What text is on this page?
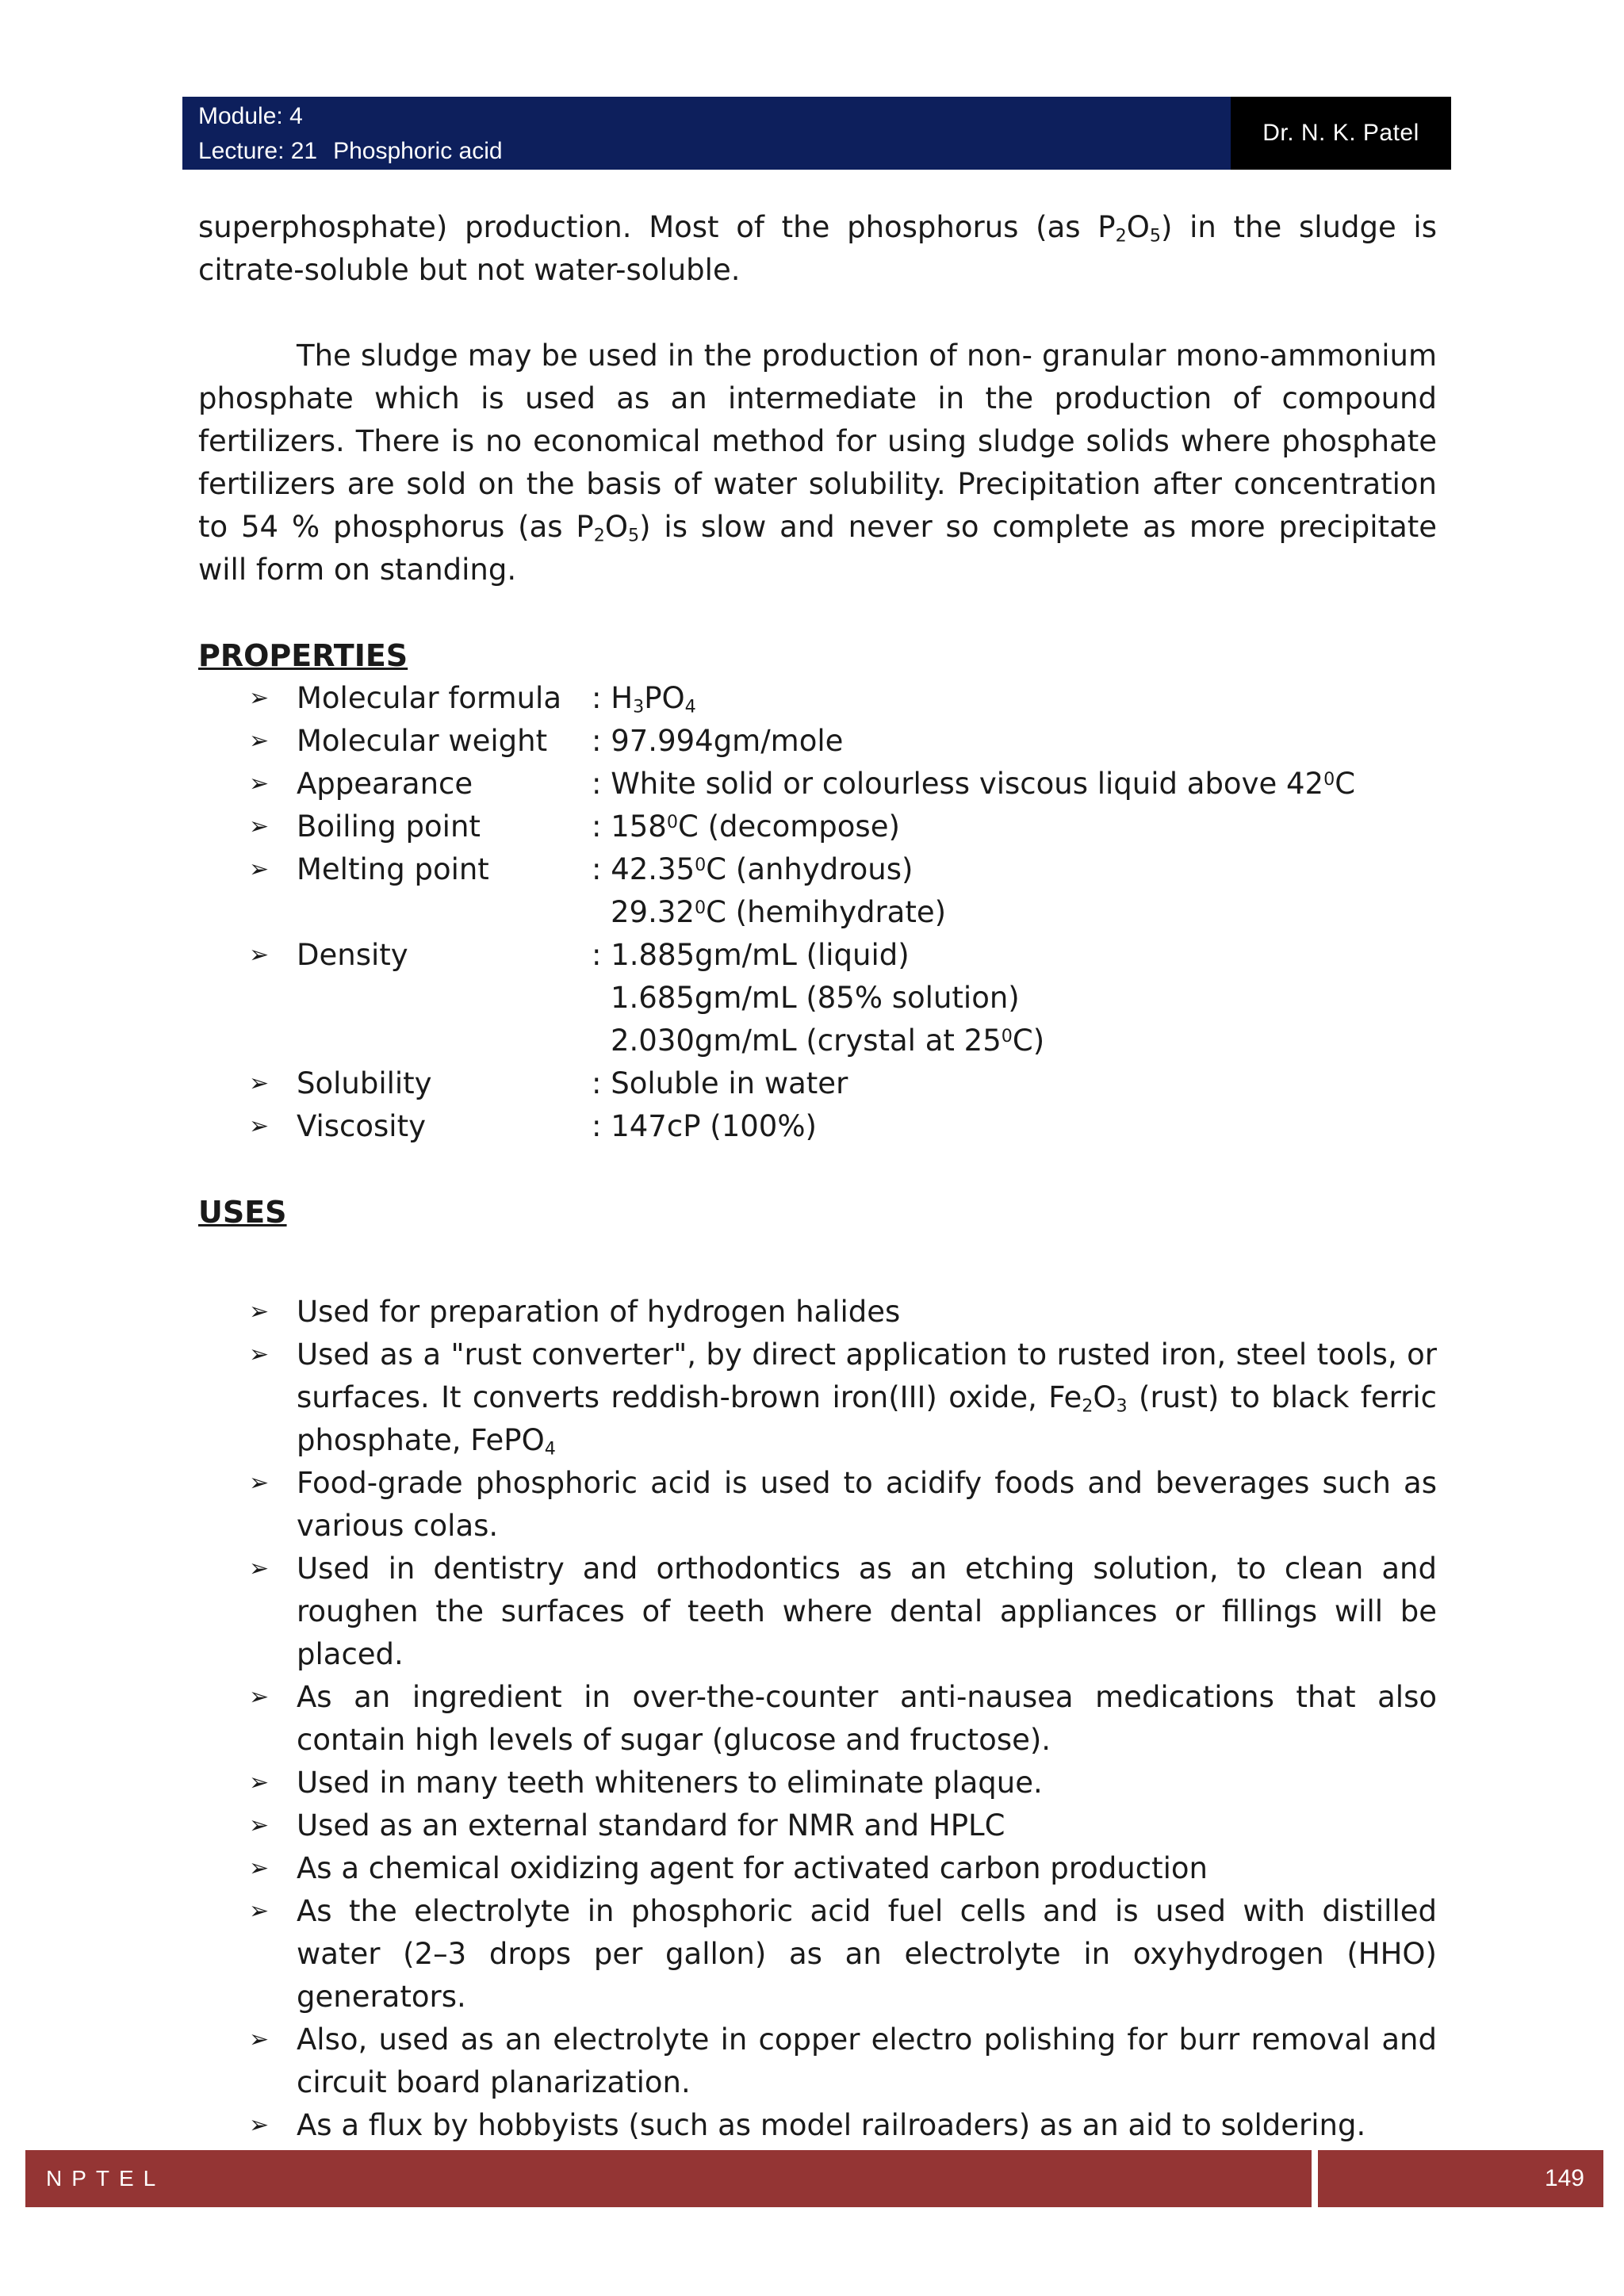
Module: 4
Lecture: 21 Phosphoric acid
Dr. N. K. Patel

superphosphate) production. Most of the phosphorus (as $P_2O_5$) in the sludge is citrate-soluble but not water-soluble.

The sludge may be used in the production of non- granular mono-ammonium phosphate which is used as an intermediate in the production of compound fertilizers. There is no economical method for using sludge solids where phosphate fertilizers are sold on the basis of water solubility. Precipitation after concentration to 54 % phosphorus (as $P_2O_5$) is slow and never so complete as more precipitate will form on standing.

PROPERTIES
➢ Molecular formula	: $H_3PO_4$
➢ Molecular weight	: 97.994gm/mole
➢ Appearance	: White solid or colourless viscous liquid above $42^0C$
➢ Boiling point	: $158^0C$ (decompose)
➢ Melting point	: 42.35$^0$C (anhydrous)
29.32$^0$C (hemihydrate)
➢ Density	: 1.885gm/mL (liquid)
1.685gm/mL (85% solution)
2.030gm/mL (crystal at $25^0C$)
➢ Solubility	: Soluble in water
➢ Viscosity	: 147cP (100%)
USES
➢ Used for preparation of hydrogen halides
➢ Used as a "rust converter", by direct application to rusted iron, steel tools, or surfaces. It converts reddish-brown iron(III) oxide, $Fe_2O_3$ (rust) to black ferric phosphate, FePO$_4$
➢ Food-grade phosphoric acid is used to acidify foods and beverages such as various colas.
➢ Used in dentistry and orthodontics as an etching solution, to clean and roughen the surfaces of teeth where dental appliances or fillings will be placed.
➢ As an ingredient in over-the-counter anti-nausea medications that also contain high levels of sugar (glucose and fructose).
➢ Used in many teeth whiteners to eliminate plaque.
➢ Used as an external standard for NMR and HPLC
➢ As a chemical oxidizing agent for activated carbon production
➢ As the electrolyte in phosphoric acid fuel cells and is used with distilled water (2–3 drops per gallon) as an electrolyte in oxyhydrogen (HHO) generators.
➢ Also, used as an electrolyte in copper electro polishing for burr removal and circuit board planarization.
➢ As a flux by hobbyists (such as model railroaders) as an aid to soldering.
NPTEL	149
